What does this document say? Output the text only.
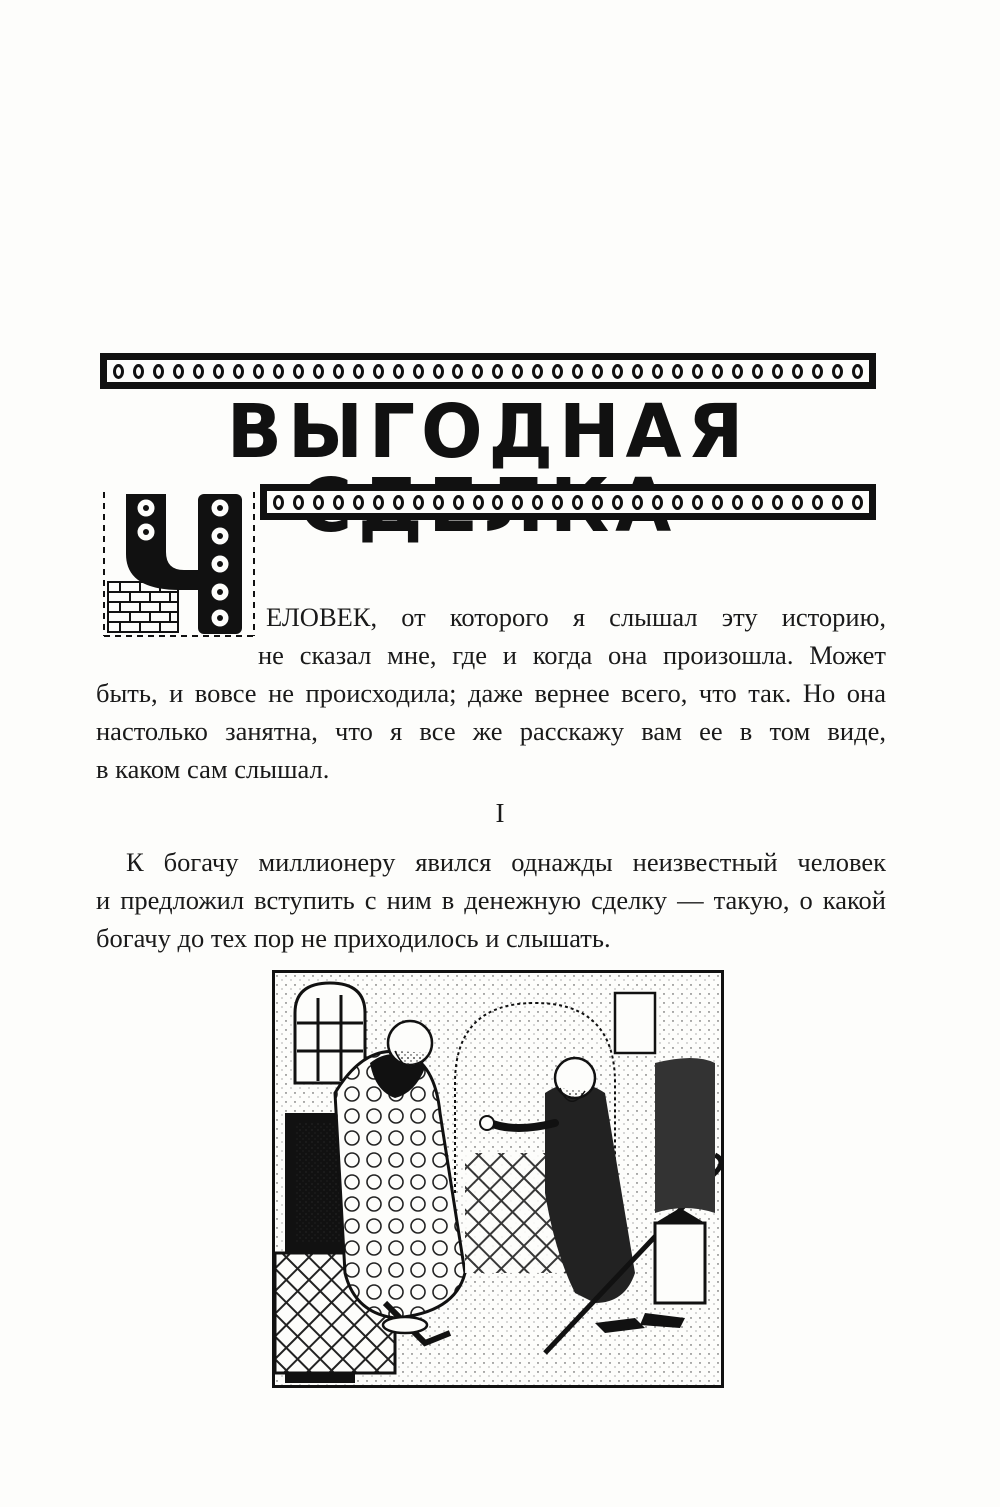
ВЫГОДНАЯ
ЕЛОВЕК, от которого я слышал эту историю,
не сказал мне, где и когда она произошла. Может
быть, и вовсе не происходила; даже вернее всего, что так. Но она
настолько занятна, что я все же расскажу вам ее в том виде,
в каком сам слышал.
I
К богачу миллионеру явился однажды неизвестный человек
и предложил вступить с ним в денежную сделку — такую, о какой
богачу до тех пор не приходилось и слышать.
